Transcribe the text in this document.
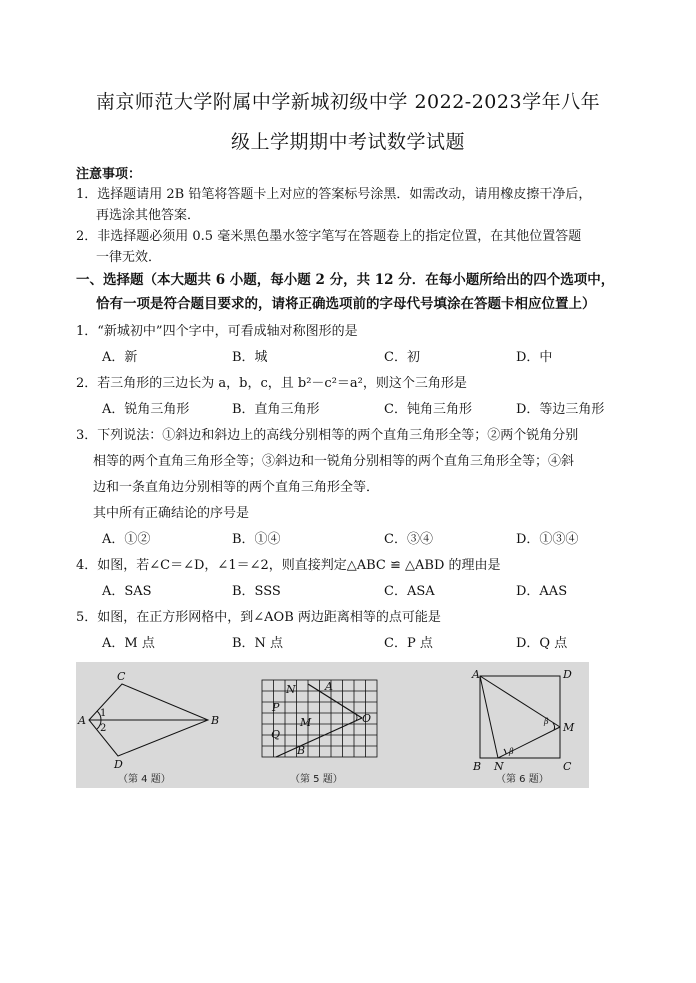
南京师范大学附属中学新城初级中学 2022-2023学年八年
级上学期期中考试数学试题
注意事项：
1．选择题请用 2B 铅笔将答题卡上对应的答案标号涂黑．如需改动，请用橡皮擦干净后，
再选涂其他答案．
2．非选择题必须用 0.5 毫米黑色墨水签字笔写在答题卷上的指定位置，在其他位置答题
一律无效．
一、选择题（本大题共 6 小题，每小题 2 分，共 12 分．在每小题所给出的四个选项中，
恰有一项是符合题目要求的，请将正确选项前的字母代号填涂在答题卡相应位置上）
1．“新城初中”四个字中，可看成轴对称图形的是
A．新	B．城	C．初	D．中
2．若三角形的三边长为 a，b，c，且 b²－c²＝a²，则这个三角形是
A．锐角三角形	B．直角三角形	C．钝角三角形	D．等边三角形
3．下列说法：①斜边和斜边上的高线分别相等的两个直角三角形全等；②两个锐角分别
相等的两个直角三角形全等；③斜边和一锐角分别相等的两个直角三角形全等；④斜
边和一条直角边分别相等的两个直角三角形全等．
其中所有正确结论的序号是
A．①②	B．①④	C．③④	D．①③④
4．如图，若∠C＝∠D，∠1＝∠2，则直接判定△ABC ≌ △ABD 的理由是
A．SAS	B．SSS	C．ASA	D．AAS
5．如图，在正方形网格中，到∠AOB 两边距离相等的点可能是
A．M 点	B．N 点	C．P 点	D．Q 点
A	B
C
D
1
2
（第 4 题）
N	A
P
M	O
Q
B
（第 5 题）
A	D
B N	C
M
β
β
（第 6 题）
